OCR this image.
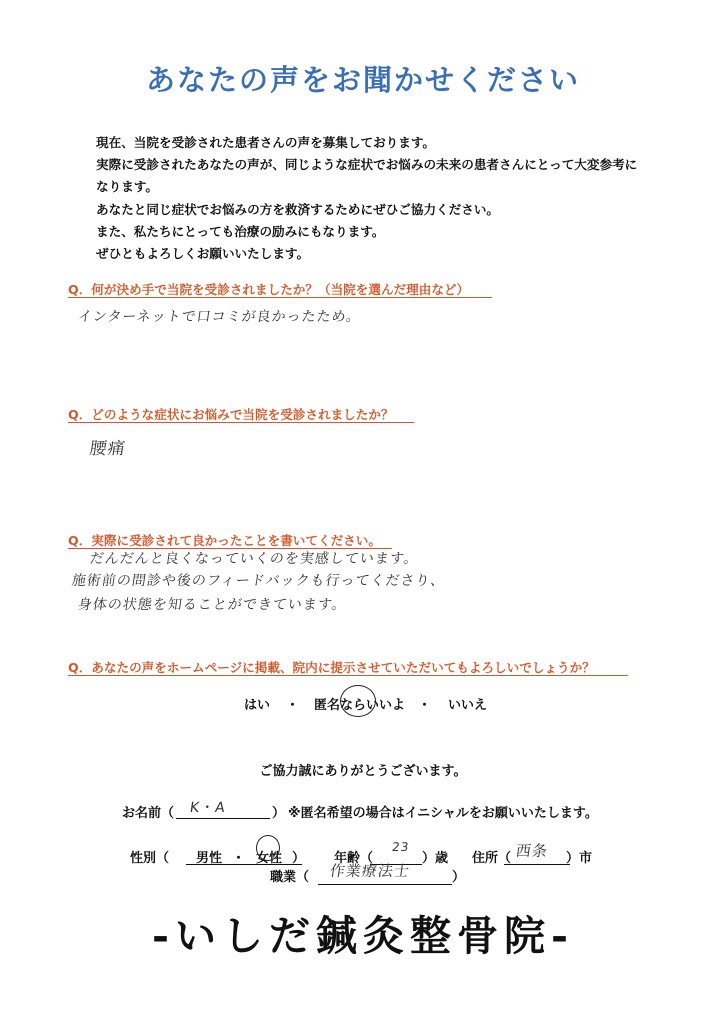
あなたの声をお聞かせください
現在、当院を受診された患者さんの声を募集しております。
実際に受診されたあなたの声が、同じような症状でお悩みの未来の患者さんにとって大変参考に
なります。
あなたと同じ症状でお悩みの方を救済するためにぜひご協力ください。
また、私たちにとっても治療の励みにもなります。
ぜひともよろしくお願いいたします。
Q．何が決め手で当院を受診されましたか？（当院を選んだ理由など）
インターネットで口コミが良かったため。
Q．どのような症状にお悩みで当院を受診されましたか？
腰痛
Q．実際に受診されて良かったことを書いてください。
だんだんと良くなっていくのを実感しています。
施術前の問診や後のフィードバックも行ってくださり、
身体の状態を知ることができています。
Q．あなたの声をホームページに掲載、院内に提示させていただいてもよろしいでしょうか？
はい ・ 匿名ならいいよ ・ いいえ
ご協力誠にありがとうございます。
お名前（ K・A	） ※匿名希望の場合はイニシャルをお願いいたします。
性別（ 男性 ・ 女性 ） 年齢（
23
）歳 住所（ 西条 ）市
職業（ 作業療法士	）
-いしだ鍼灸整骨院-
